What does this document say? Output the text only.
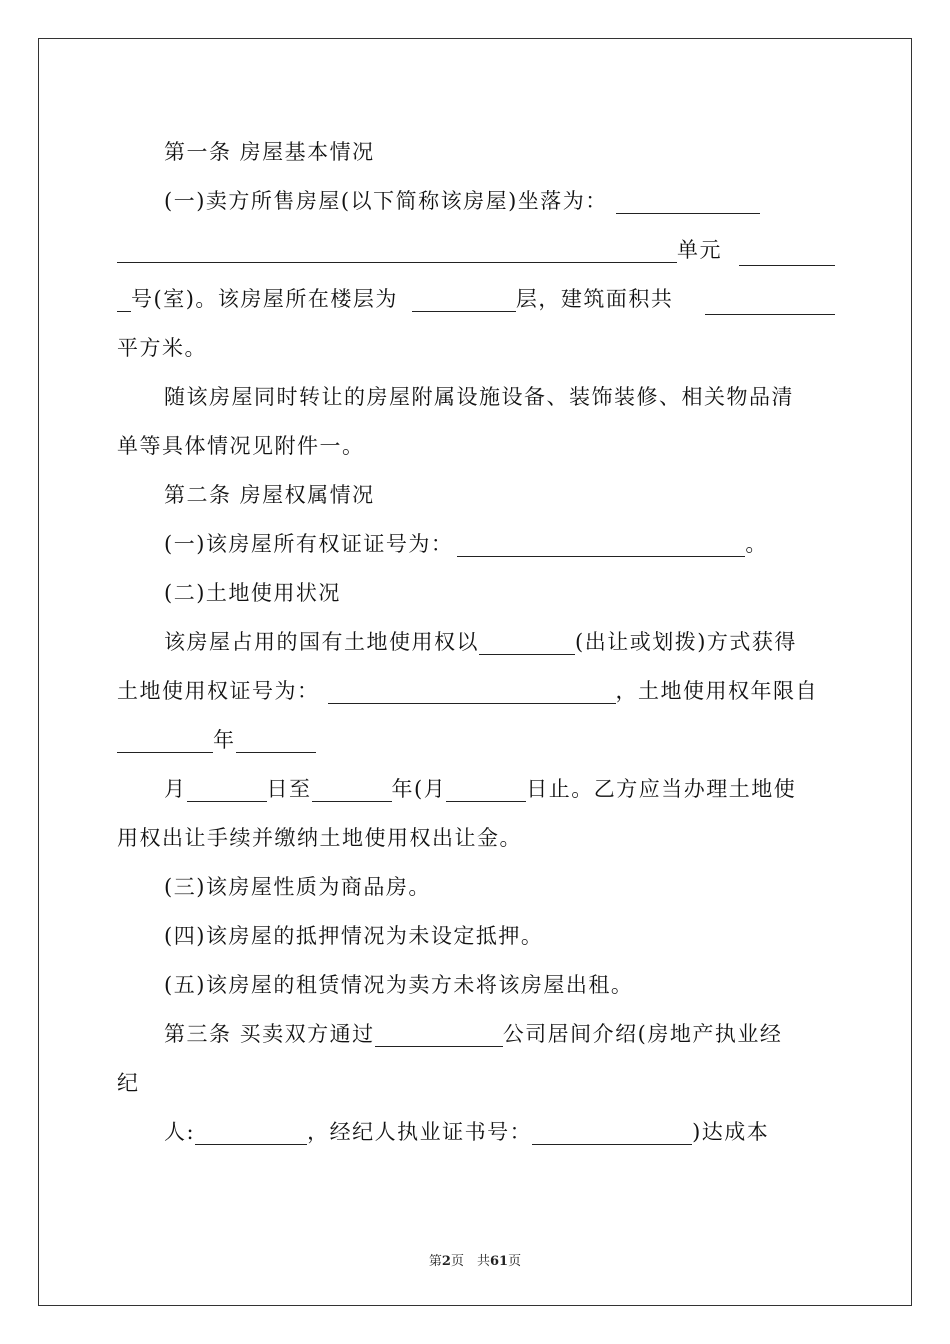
第一条 房屋基本情况
(一)卖方所售房屋(以下简称该房屋)坐落为：
单元
号(室)。该房屋所在楼层为	层，建筑面积共
平方米。
随该房屋同时转让的房屋附属设施设备、装饰装修、相关物品清
单等具体情况见附件一。
第二条 房屋权属情况
(一)该房屋所有权证证号为：	。
(二)土地使用状况
该房屋占用的国有土地使用权以	(出让或划拨)方式获得
土地使用权证号为：	，土地使用权年限自
年
月	日至	年(月	日止。乙方应当办理土地使
用权出让手续并缴纳土地使用权出让金。
(三)该房屋性质为商品房。
(四)该房屋的抵押情况为未设定抵押。
(五)该房屋的租赁情况为卖方未将该房屋出租。
第三条 买卖双方通过	公司居间介绍(房地产执业经
纪
人:	，经纪人执业证书号：	)达成本
第2页　共61页
